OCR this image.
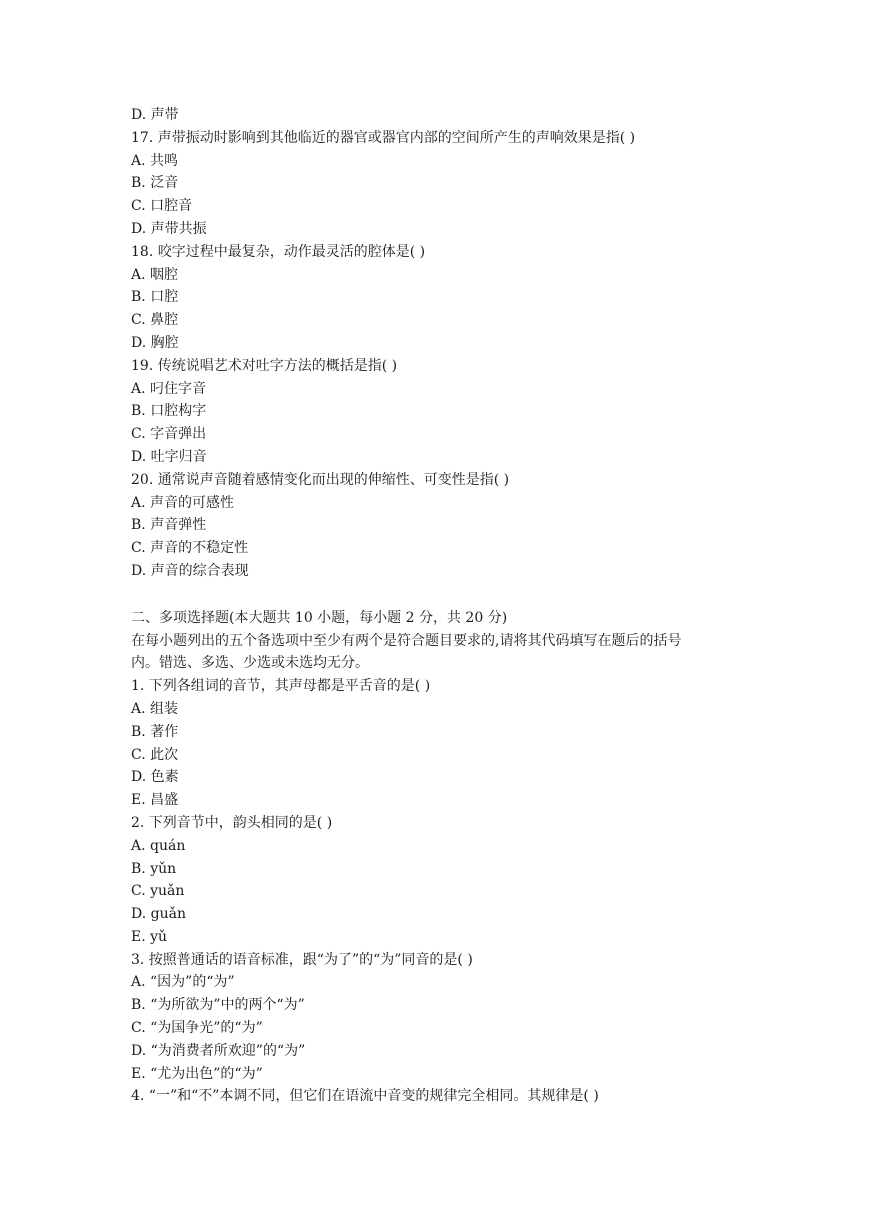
D. 声带
17. 声带振动时影响到其他临近的器官或器官内部的空间所产生的声响效果是指( )
A. 共鸣
B. 泛音
C. 口腔音
D. 声带共振
18. 咬字过程中最复杂，动作最灵活的腔体是( )
A. 咽腔
B. 口腔
C. 鼻腔
D. 胸腔
19. 传统说唱艺术对吐字方法的概括是指( )
A. 叼住字音
B. 口腔构字
C. 字音弹出
D. 吐字归音
20. 通常说声音随着感情变化而出现的伸缩性、可变性是指( )
A. 声音的可感性
B. 声音弹性
C. 声音的不稳定性
D. 声音的综合表现
二、多项选择题(本大题共 10 小题，每小题 2 分，共 20 分)
在每小题列出的五个备选项中至少有两个是符合题目要求的,请将其代码填写在题后的括号
内。错选、多选、少选或未选均无分。
1. 下列各组词的音节，其声母都是平舌音的是( )
A. 组装
B. 著作
C. 此次
D. 色素
E. 昌盛
2. 下列音节中，韵头相同的是( )
A. quán
B. yǔn
C. yuǎn
D. guǎn
E. yǔ
3. 按照普通话的语音标准，跟“为了”的“为”同音的是( )
A. “因为”的“为”
B. “为所欲为”中的两个“为”
C. “为国争光”的“为”
D. “为消费者所欢迎”的“为”
E. “尤为出色”的“为”
4. “一”和“不”本调不同，但它们在语流中音变的规律完全相同。其规律是( )
